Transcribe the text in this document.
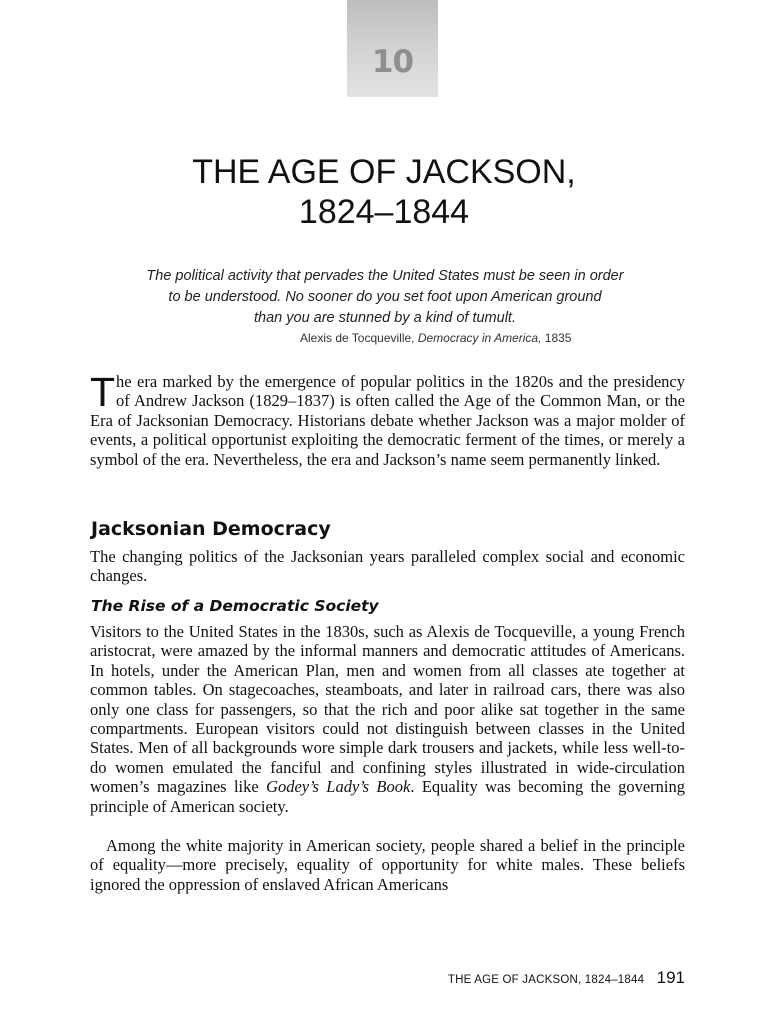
10
THE AGE OF JACKSON,
1824–1844

The political activity that pervades the United States must be seen in order
to be understood. No sooner do you set foot upon American ground
than you are stunned by a kind of tumult.

Alexis de Tocqueville, Democracy in America, 1835

The era marked by the emergence of popular politics in the 1820s and the presidency of Andrew Jackson (1829–1837) is often called the Age of the Common Man, or the Era of Jacksonian Democracy. Historians debate whether Jackson was a major molder of events, a political opportunist exploiting the democratic ferment of the times, or merely a symbol of the era. Nevertheless, the era and Jackson’s name seem permanently linked.

Jacksonian Democracy

The changing politics of the Jacksonian years paralleled complex social and economic changes.

The Rise of a Democratic Society

Visitors to the United States in the 1830s, such as Alexis de Tocqueville, a young French aristocrat, were amazed by the informal manners and democratic attitudes of Americans. In hotels, under the American Plan, men and women from all classes ate together at common tables. On stagecoaches, steamboats, and later in railroad cars, there was also only one class for passengers, so that the rich and poor alike sat together in the same compartments. European visitors could not distinguish between classes in the United States. Men of all backgrounds wore simple dark trousers and jackets, while less well-to-do women emulated the fanciful and confining styles illustrated in wide-circulation women’s magazines like Godey’s Lady’s Book. Equality was becoming the governing principle of American society.

Among the white majority in American society, people shared a belief in the principle of equality—more precisely, equality of opportunity for white males. These beliefs ignored the oppression of enslaved African Americans

THE AGE OF JACKSON, 1824–1844 191
